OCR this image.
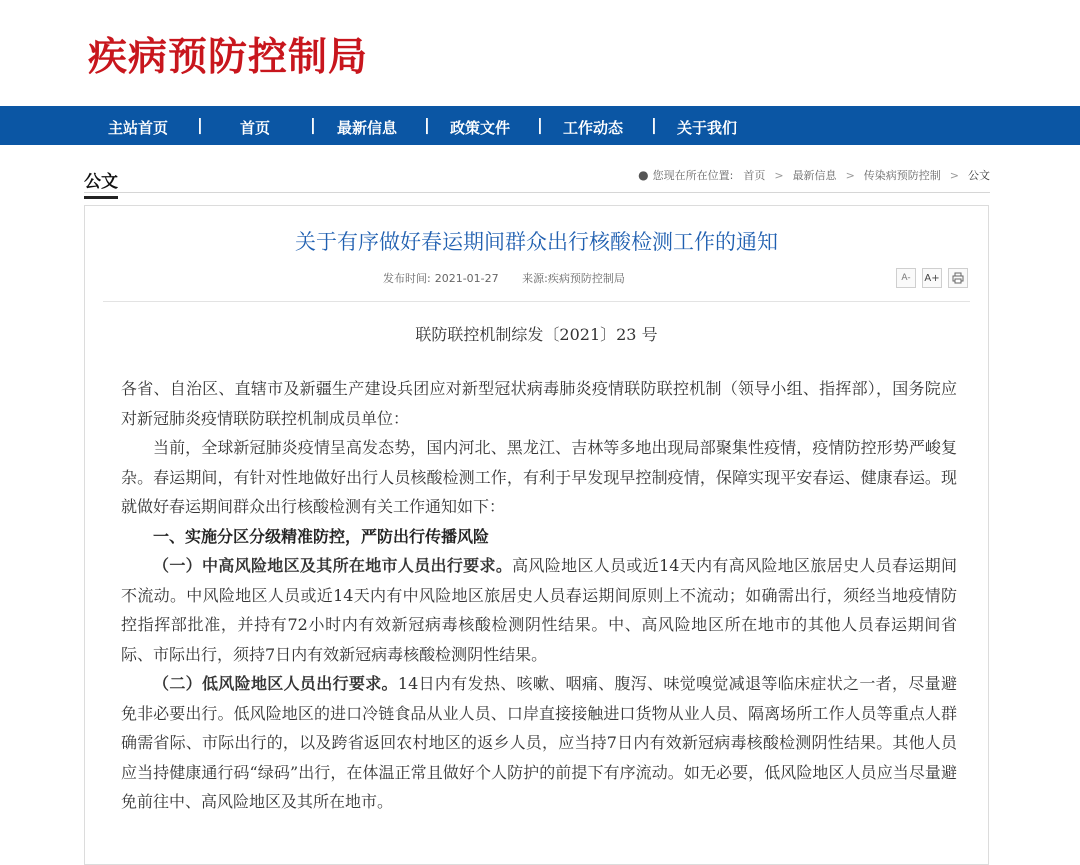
疾病预防控制局
主站首页 | 首页 | 最新信息 | 政策文件 | 工作动态 | 关于我们
公文	● 您现在所在位置: 首页 > 最新信息 > 传染病预防控制 > 公文
关于有序做好春运期间群众出行核酸检测工作的通知
发布时间: 2021-01-27 来源:疾病预防控制局	A- A+
联防联控机制综发〔2021〕23 号

各省、自治区、直辖市及新疆生产建设兵团应对新型冠状病毒肺炎疫情联防联控机制（领导小组、指挥部），国务院应对新冠肺炎疫情联防联控机制成员单位：

当前，全球新冠肺炎疫情呈高发态势，国内河北、黑龙江、吉林等多地出现局部聚集性疫情，疫情防控形势严峻复杂。春运期间，有针对性地做好出行人员核酸检测工作，有利于早发现早控制疫情，保障实现平安春运、健康春运。现就做好春运期间群众出行核酸检测有关工作通知如下：

一、实施分区分级精准防控，严防出行传播风险

（一）中高风险地区及其所在地市人员出行要求。高风险地区人员或近14天内有高风险地区旅居史人员春运期间不流动。中风险地区人员或近14天内有中风险地区旅居史人员春运期间原则上不流动；如确需出行，须经当地疫情防控指挥部批准，并持有72小时内有效新冠病毒核酸检测阴性结果。中、高风险地区所在地市的其他人员春运期间省际、市际出行，须持7日内有效新冠病毒核酸检测阴性结果。

（二）低风险地区人员出行要求。14日内有发热、咳嗽、咽痛、腹泻、味觉嗅觉减退等临床症状之一者，尽量避免非必要出行。低风险地区的进口冷链食品从业人员、口岸直接接触进口货物从业人员、隔离场所工作人员等重点人群确需省际、市际出行的，以及跨省返回农村地区的返乡人员，应当持7日内有效新冠病毒核酸检测阴性结果。其他人员应当持健康通行码“绿码”出行，在体温正常且做好个人防护的前提下有序流动。如无必要，低风险地区人员应当尽量避免前往中、高风险地区及其所在地市。
